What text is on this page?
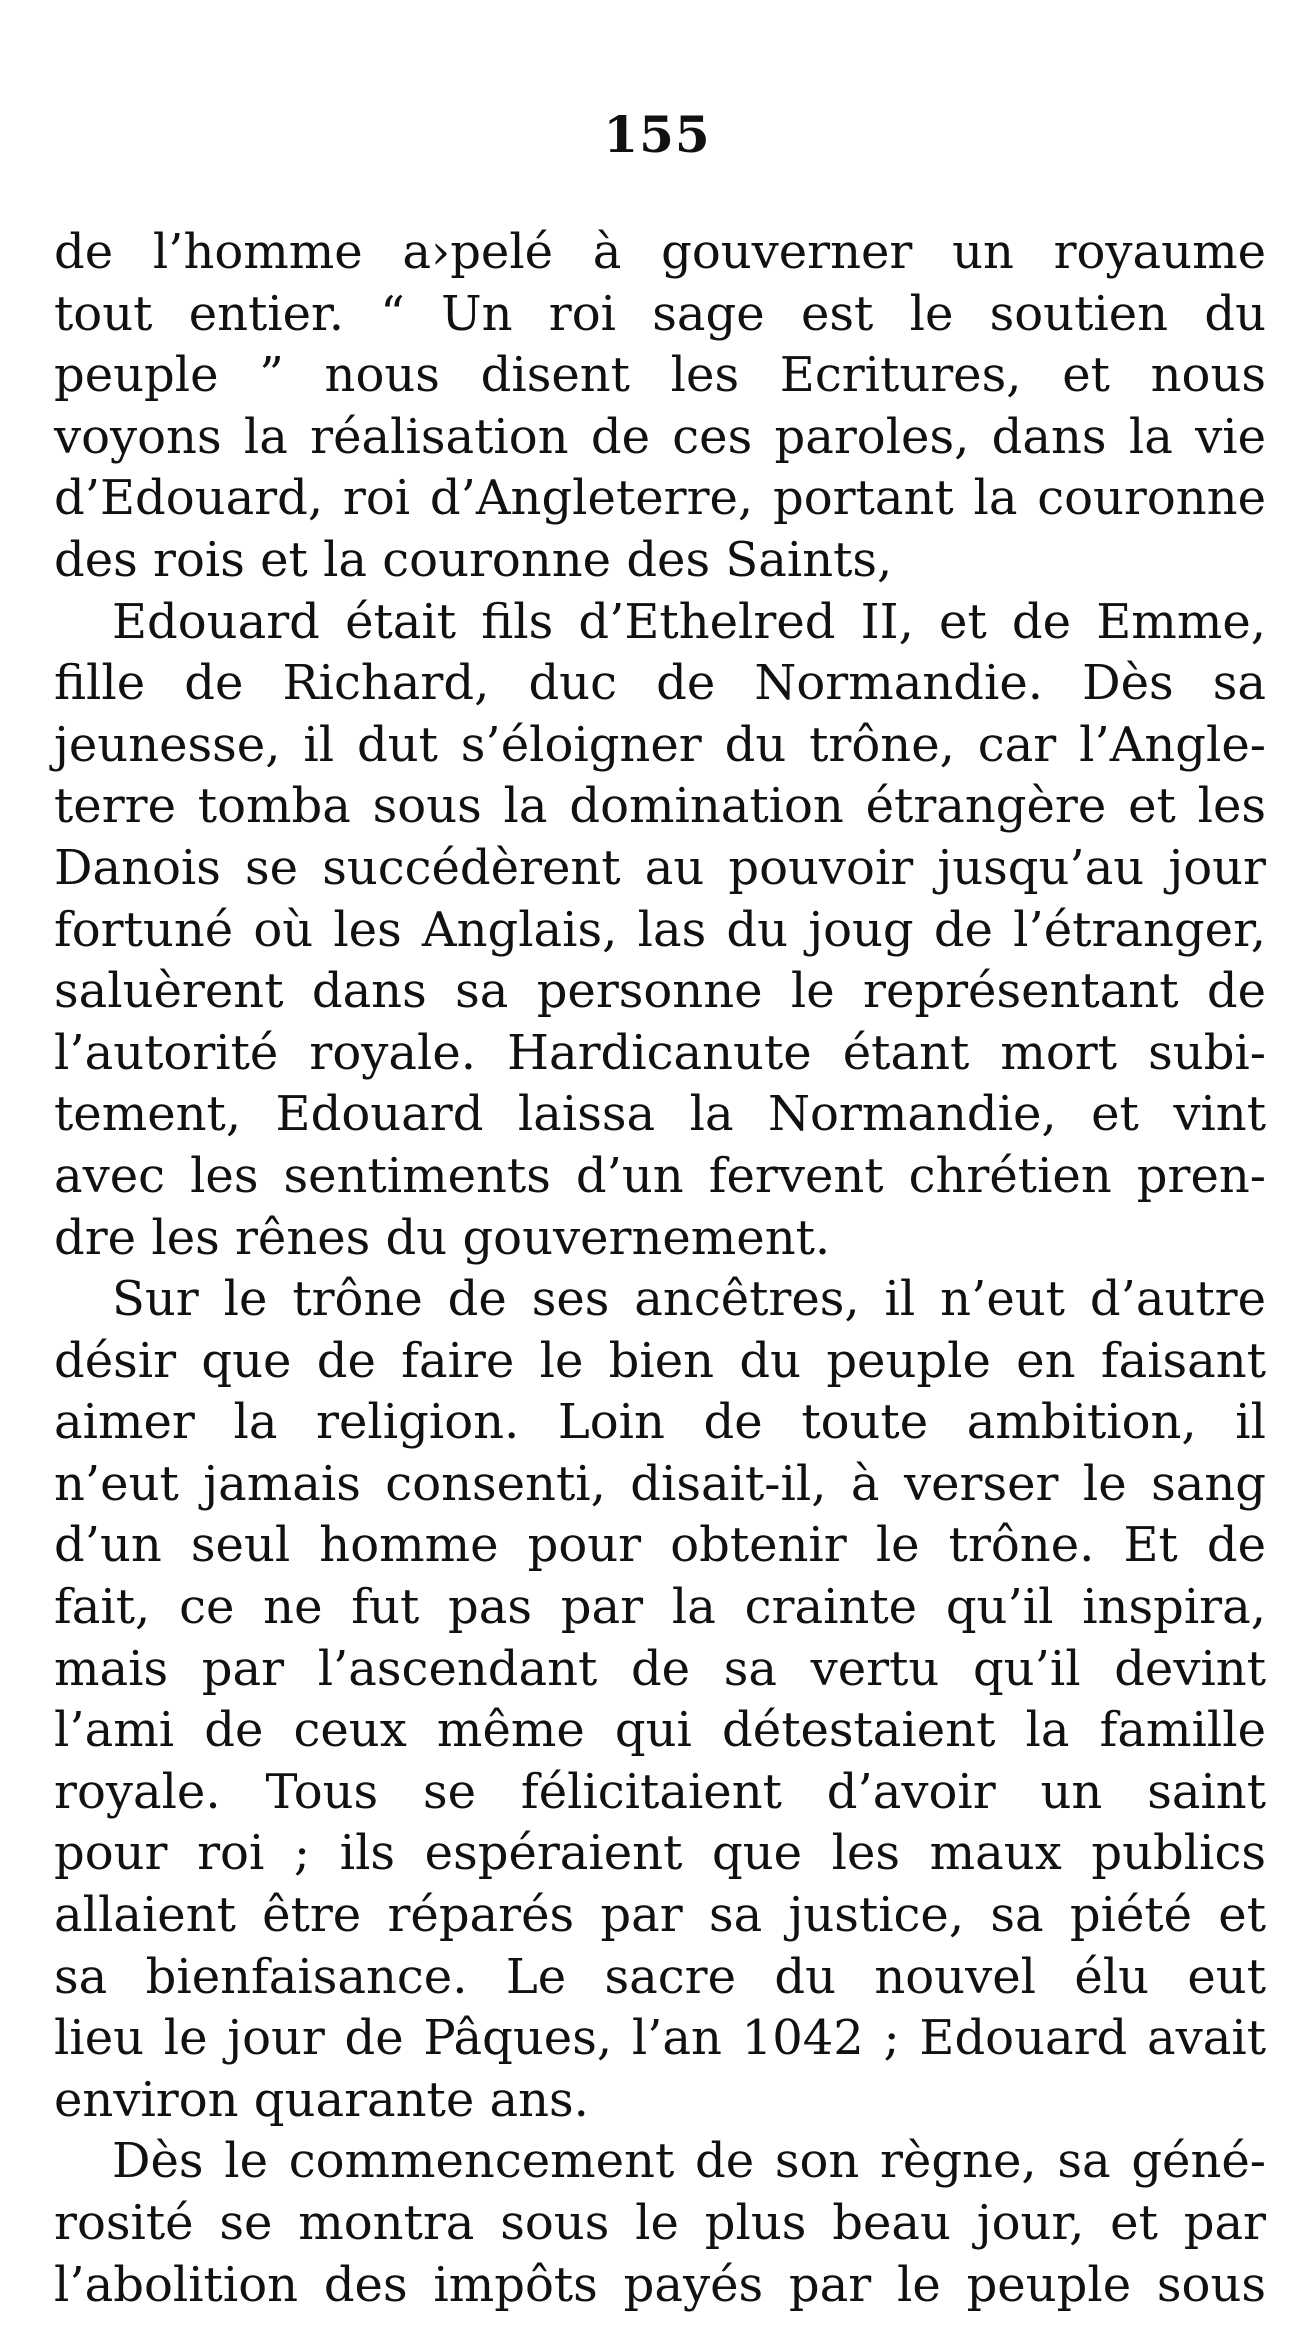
155
de l’homme a›pelé à gouverner un royaume
tout entier. “ Un roi sage est le soutien du
peuple ” nous disent les Ecritures, et nous
voyons la réalisation de ces paroles, dans la vie
d’Edouard, roi d’Angleterre, portant la couronne
des rois et la couronne des Saints,
Edouard était fils d’Ethelred II, et de Emme,
fille de Richard, duc de Normandie. Dès sa
jeunesse, il dut s’éloigner du trône, car l’Angle-
terre tomba sous la domination étrangère et les
Danois se succédèrent au pouvoir jusqu’au jour
fortuné où les Anglais, las du joug de l’étranger,
saluèrent dans sa personne le représentant de
l’autorité royale. Hardicanute étant mort subi-
tement, Edouard laissa la Normandie, et vint
avec les sentiments d’un fervent chrétien pren-
dre les rênes du gouvernement.
Sur le trône de ses ancêtres, il n’eut d’autre
désir que de faire le bien du peuple en faisant
aimer la religion. Loin de toute ambition, il
n’eut jamais consenti, disait-il, à verser le sang
d’un seul homme pour obtenir le trône. Et de
fait, ce ne fut pas par la crainte qu’il inspira,
mais par l’ascendant de sa vertu qu’il devint
l’ami de ceux même qui détestaient la famille
royale. Tous se félicitaient d’avoir un saint
pour roi ; ils espéraient que les maux publics
allaient être réparés par sa justice, sa piété et
sa bienfaisance. Le sacre du nouvel élu eut
lieu le jour de Pâques, l’an 1042 ; Edouard avait
environ quarante ans.
Dès le commencement de son règne, sa géné-
rosité se montra sous le plus beau jour, et par
l’abolition des impôts payés par le peuple sous
